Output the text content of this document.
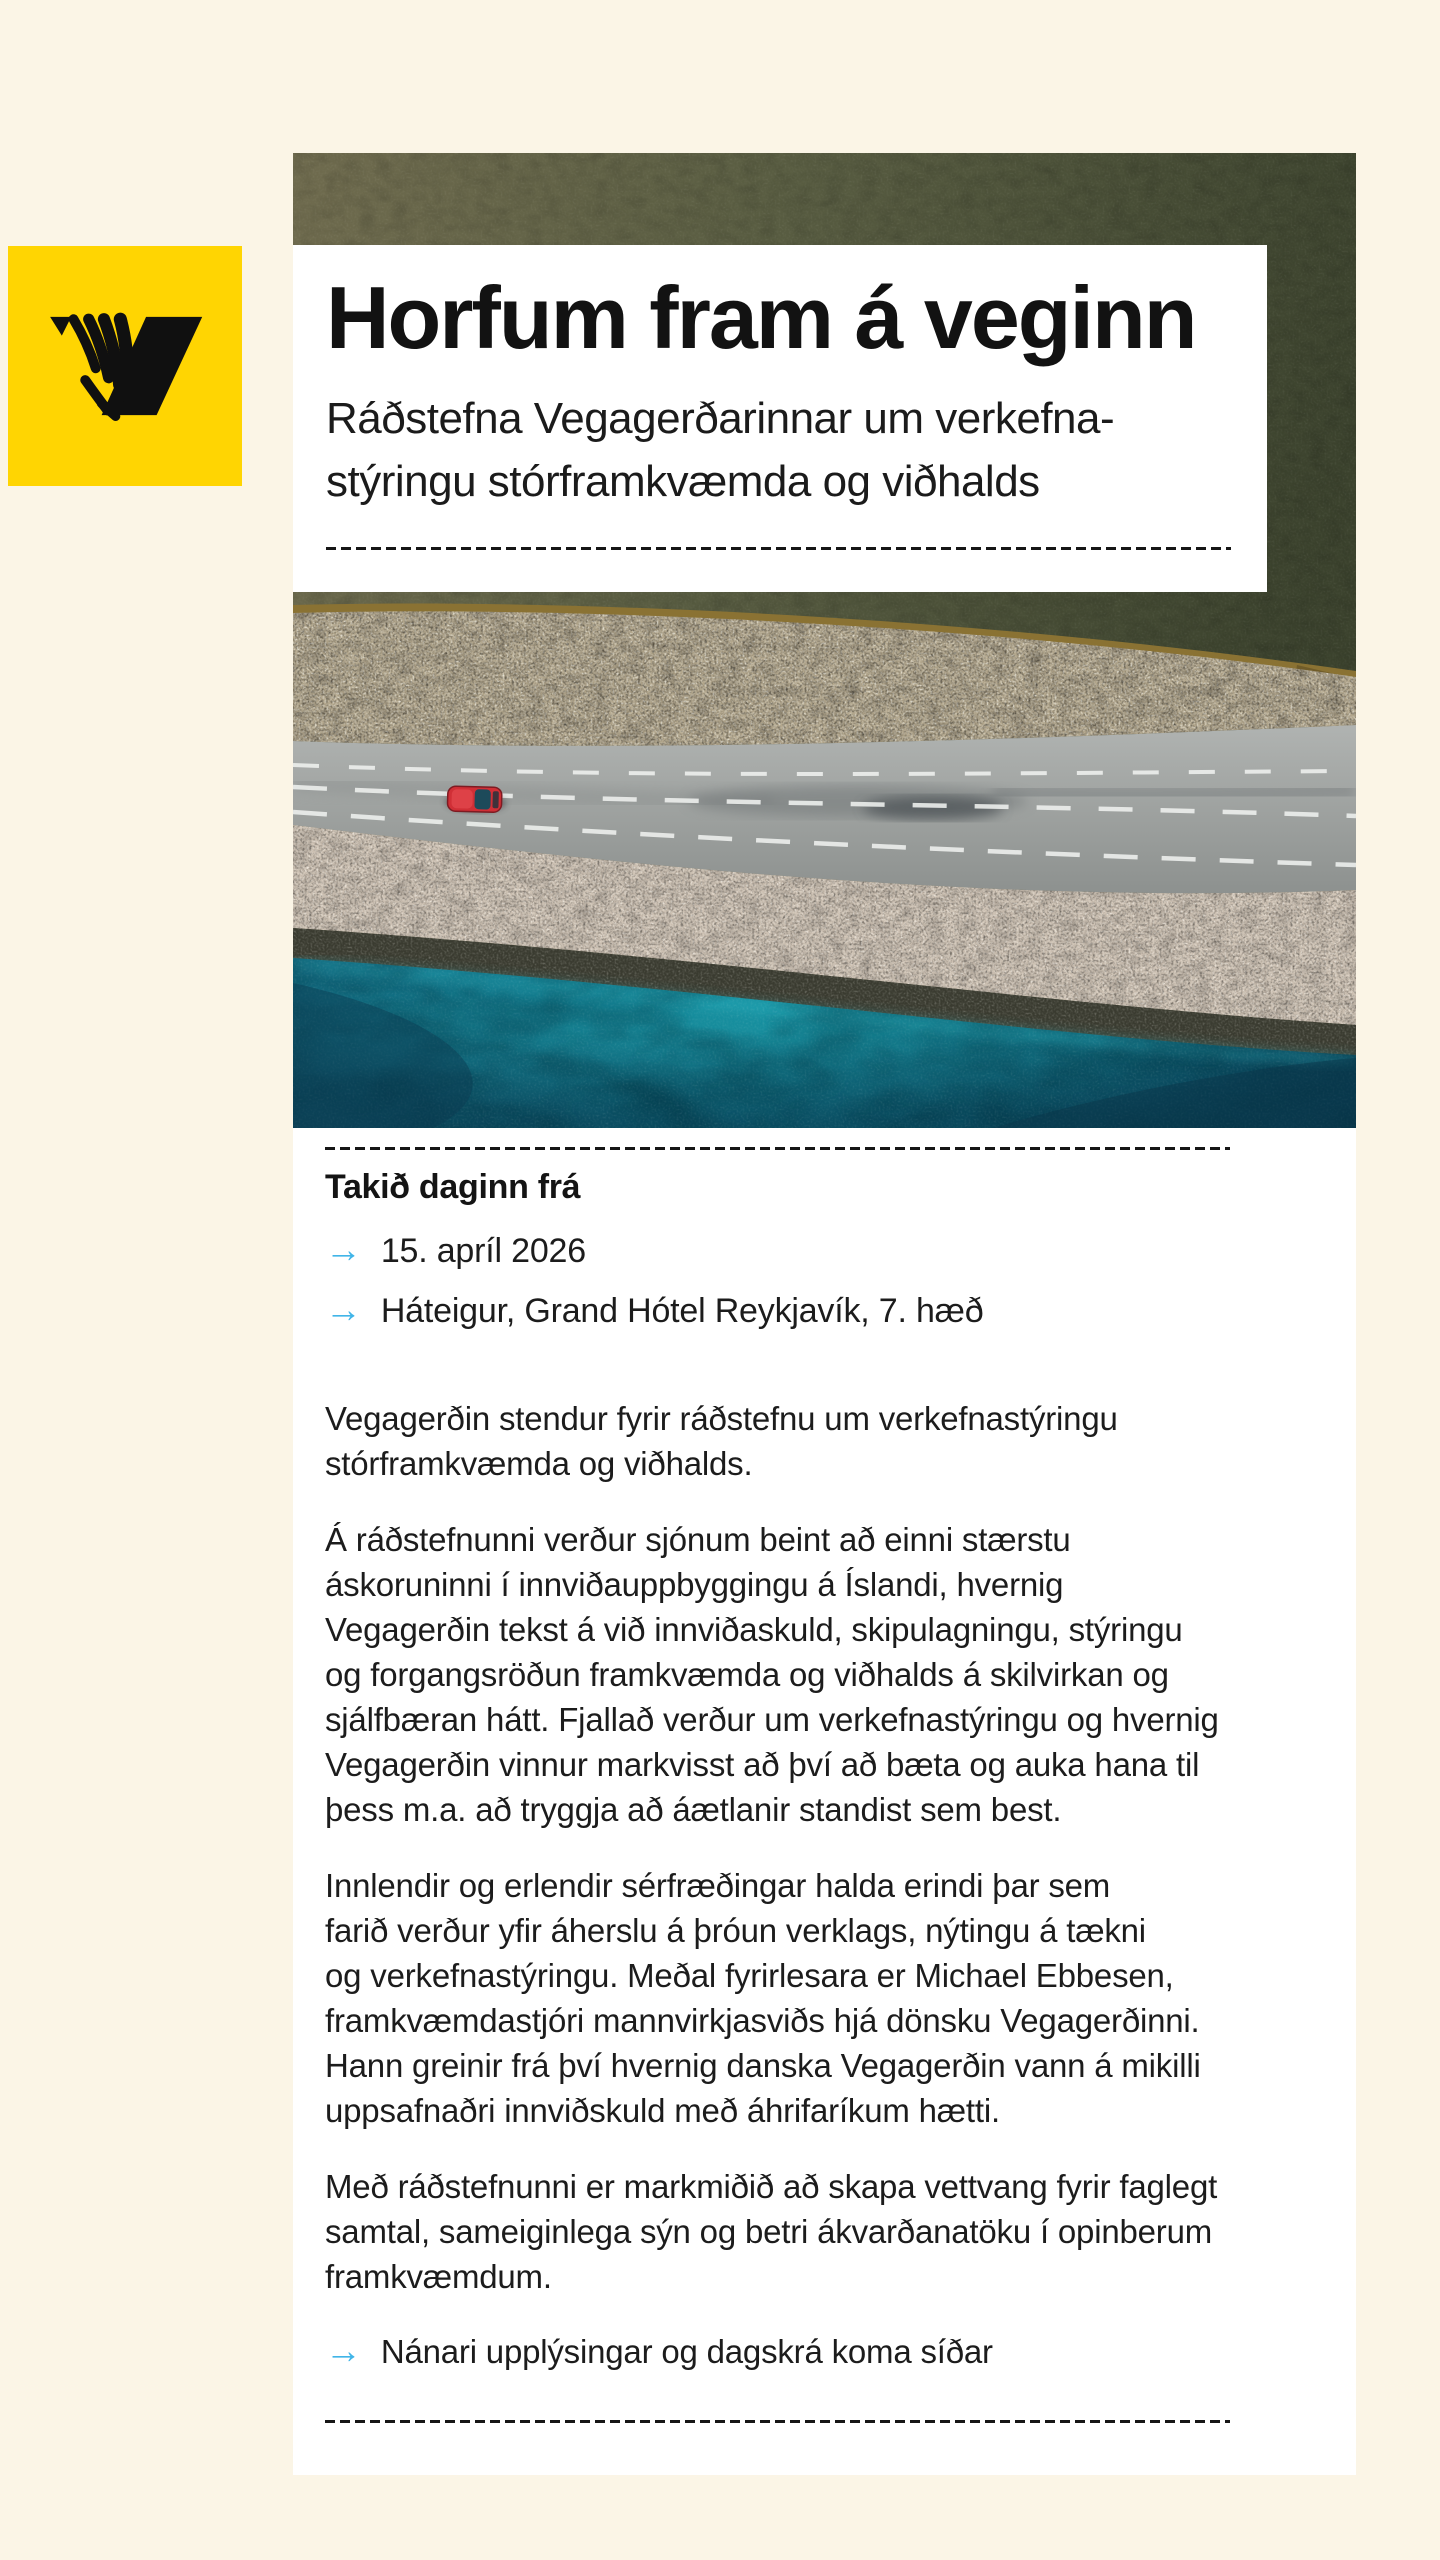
Horfum fram á veginn
Ráðstefna Vegagerðarinnar um verkefna-
stýringu stórframkvæmda og viðhalds
Takið daginn frá
→ 15. apríl 2026
→ Háteigur, Grand Hótel Reykjavík, 7. hæð

Vegagerðin stendur fyrir ráðstefnu um verkefnastýringu
stórframkvæmda og viðhalds.

Á ráðstefnunni verður sjónum beint að einni stærstu
áskoruninni í innviðauppbyggingu á Íslandi, hvernig
Vegagerðin tekst á við innviðaskuld, skipulagningu, stýringu
og forgangsröðun framkvæmda og viðhalds á skilvirkan og
sjálfbæran hátt. Fjallað verður um verkefnastýringu og hvernig
Vegagerðin vinnur markvisst að því að bæta og auka hana til
þess m.a. að tryggja að áætlanir standist sem best.

Innlendir og erlendir sérfræðingar halda erindi þar sem
farið verður yfir áherslu á þróun verklags, nýtingu á tækni
og verkefnastýringu. Meðal fyrirlesara er Michael Ebbesen,
framkvæmdastjóri mannvirkjasviðs hjá dönsku Vegagerðinni.
Hann greinir frá því hvernig danska Vegagerðin vann á mikilli
uppsafnaðri innviðskuld með áhrifaríkum hætti.

Með ráðstefnunni er markmiðið að skapa vettvang fyrir faglegt
samtal, sameiginlega sýn og betri ákvarðanatöku í opinberum
framkvæmdum.

→ Nánari upplýsingar og dagskrá koma síðar
